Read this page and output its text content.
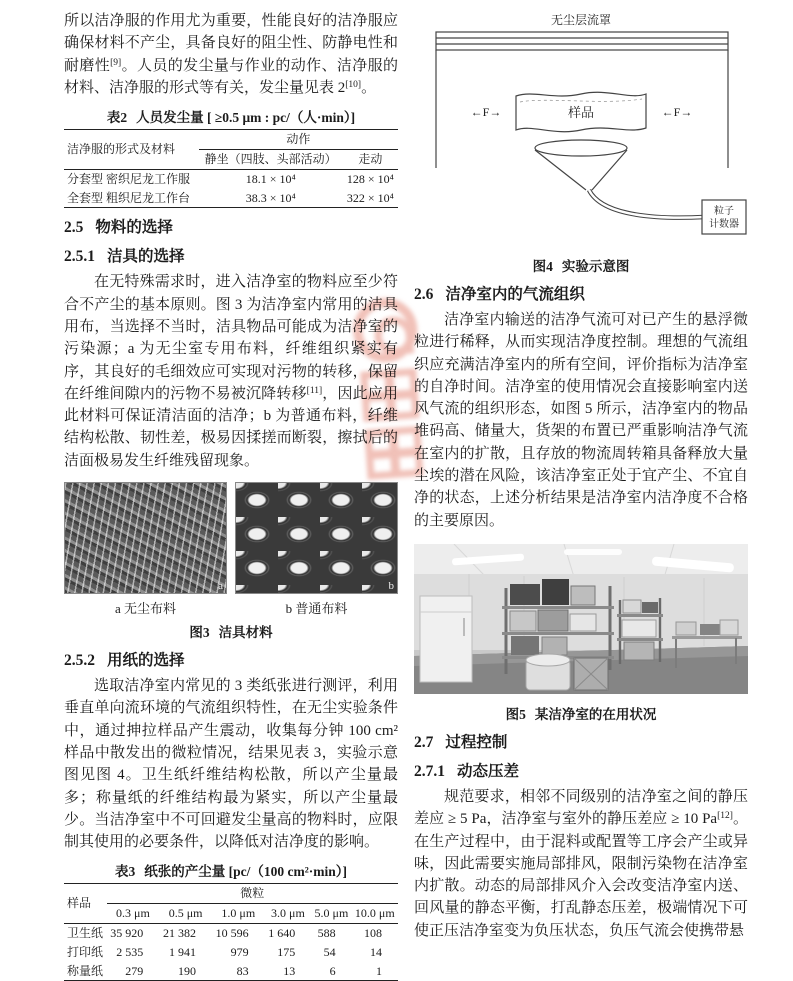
所以洁净服的作用尤为重要，性能良好的洁净服应确保材料不产尘，具备良好的阻尘性、防静电性和耐磨性[9]。人员的发尘量与作业的动作、洁净服的材料、洁净服的形式等有关，发尘量见表 2[10]。

表2 人员发尘量 [ ≥0.5 μm : pc/（人·min）]
洁净服的形式及材料	动作	
	静坐（四肢、头部活动）	走动
分套型 密织尼龙工作服	18.1 × 10⁴	128 × 10⁴
全套型 粗织尼龙工作台	38.3 × 10⁴	322 × 10⁴
2.5 物料的选择
2.5.1 洁具的选择

在无特殊需求时，进入洁净室的物料应至少符合不产尘的基本原则。图 3 为洁净室内常用的洁具用布，当选择不当时，洁具物品可能成为洁净室的污染源；a 为无尘室专用布料，纤维组织紧实有序，其良好的毛细效应可实现对污物的转移，保留在纤维间隙内的污物不易被沉降转移[11]，因此应用此材料可保证清洁面的洁净；b 为普通布料，纤维结构松散、韧性差，极易因揉搓而断裂，擦拭后的洁面极易发生纤维残留现象。

a	b
a 无尘布料	b 普通布料
图3 洁具材料
2.5.2 用纸的选择

选取洁净室内常见的 3 类纸张进行测评，利用垂直单向流环境的气流组织特性，在无尘实验条件中，通过抻拉样品产生震动，收集每分钟 100 cm² 样品中散发出的微粒情况，结果见表 3，实验示意图见图 4。卫生纸纤维结构松散，所以产尘量最多；称量纸的纤维结构最为紧实，所以产尘量最少。当洁净室中不可回避发尘量高的物料时，应限制其使用的必要条件，以降低对洁净度的影响。

表3 纸张的产尘量 [pc/（100 cm²·min）]
样品	微粒					
	0.3 μm	0.5 μm	1.0 μm	3.0 μm	5.0 μm	10.0 μm
卫生纸	35 920	21 382	10 596	1 640	588	108
打印纸	2 535	1 941	979	175	54	14
称量纸	279	190	83	13	6	1
无尘层流罩
样品
←F→	←F→
粒子
计数器
图4 实验示意图
2.6 洁净室内的气流组织

洁净室内输送的洁净气流可对已产生的悬浮微粒进行稀释，从而实现洁净度控制。理想的气流组织应充满洁净室内的所有空间，评价指标为洁净室的自净时间。洁净室的使用情况会直接影响室内送风气流的组织形态，如图 5 所示，洁净室内的物品堆码高、储量大，货架的布置已严重影响洁净气流在室内的扩散，且存放的物流周转箱具备释放大量尘埃的潜在风险，该洁净室正处于宜产尘、不宜自净的状态，上述分析结果是洁净室内洁净度不合格的主要原因。

图5 某洁净室的在用状况
2.7 过程控制
2.7.1 动态压差

规范要求，相邻不同级别的洁净室之间的静压差应 ≥ 5 Pa，洁净室与室外的静压差应 ≥ 10 Pa[12]。在生产过程中，由于混料或配置等工序会产尘或异味，因此需要实施局部排风，限制污染物在洁净室内扩散。动态的局部排风介入会改变洁净室内送、回风量的静态平衡，打乱静态压差，极端情况下可使正压洁净室变为负压状态，负压气流会使携带悬
